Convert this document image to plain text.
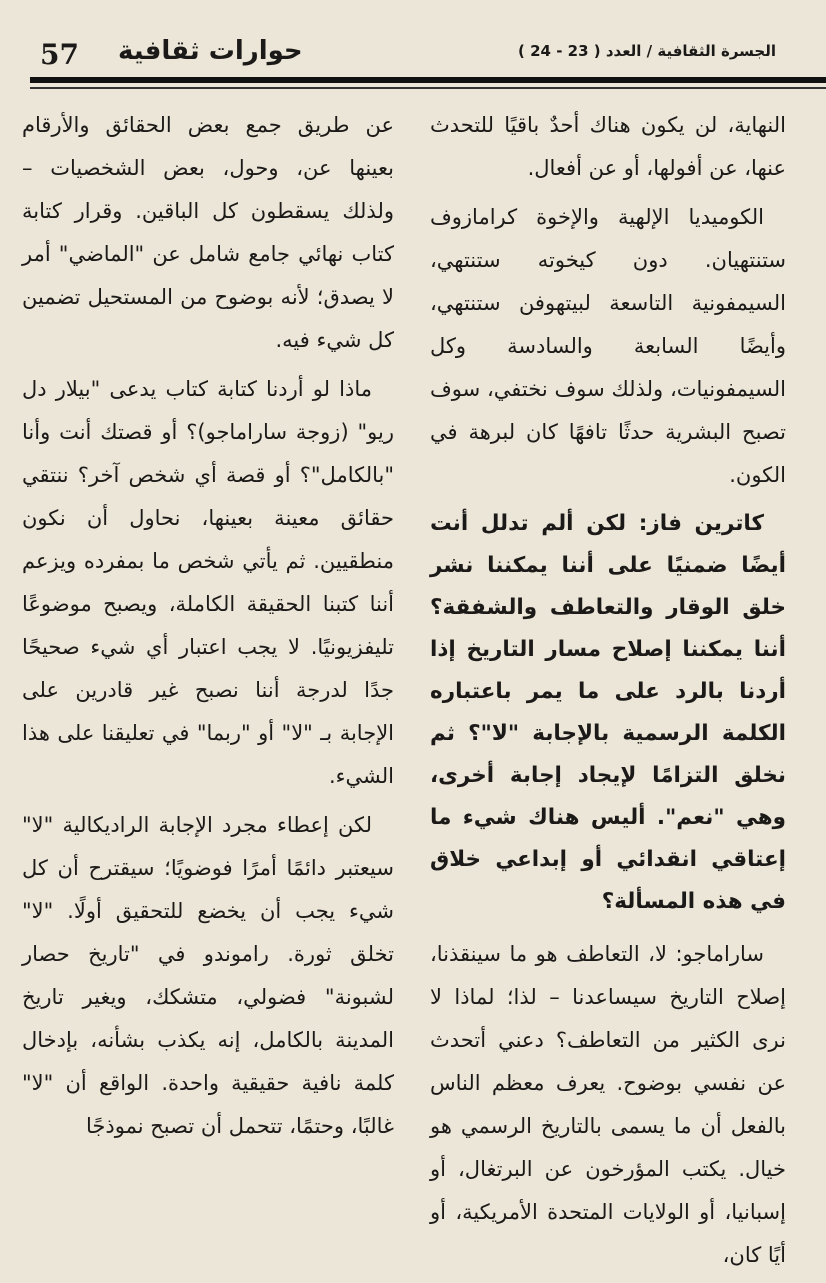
57 حوارات ثقافية	الجسرة الثقافية / العدد ( 23 - 24 )

النهاية، لن يكون هناك أحدٌ باقيًا للتحدث عنها، عن أفولها، أو عن أفعال.

الكوميديا الإلهية والإخوة كرامازوف ستنتهيان. دون كيخوته ستنتهي، السيمفونية التاسعة لبيتهوفن ستنتهي، وأيضًا السابعة والسادسة وكل السيمفونيات، ولذلك سوف نختفي، سوف تصبح البشرية حدثًا تافهًا كان لبرهة في الكون.

كاترين فاز: لكن ألم تدلل أنت أيضًا ضمنيًا على أننا يمكننا نشر خلق الوقار والتعاطف والشفقة؟ أننا يمكننا إصلاح مسار التاريخ إذا أردنا بالرد على ما يمر باعتباره الكلمة الرسمية بالإجابة "لا"؟ ثم نخلق التزامًا لإيجاد إجابة أخرى، وهي "نعم". أليس هناك شيء ما إعتاقي انقدائي أو إبداعي خلاق في هذه المسألة؟

ساراماجو: لا، التعاطف هو ما سينقذنا، إصلاح التاريخ سيساعدنا – لذا؛ لماذا لا نرى الكثير من التعاطف؟ دعني أتحدث عن نفسي بوضوح. يعرف معظم الناس بالفعل أن ما يسمى بالتاريخ الرسمي هو خيال. يكتب المؤرخون عن البرتغال، أو إسبانيا، أو الولايات المتحدة الأمريكية، أو أيًا كان،

عن طريق جمع بعض الحقائق والأرقام بعينها عن، وحول، بعض الشخصيات – ولذلك يسقطون كل الباقين. وقرار كتابة كتاب نهائي جامع شامل عن "الماضي" أمر لا يصدق؛ لأنه بوضوح من المستحيل تضمين كل شيء فيه.

ماذا لو أردنا كتابة كتاب يدعى "بيلار دل ريو" (زوجة ساراماجو)؟ أو قصتك أنت وأنا "بالكامل"؟ أو قصة أي شخص آخر؟ ننتقي حقائق معينة بعينها، نحاول أن نكون منطقيين. ثم يأتي شخص ما بمفرده ويزعم أننا كتبنا الحقيقة الكاملة، ويصبح موضوعًا تليفزيونيًا. لا يجب اعتبار أي شيء صحيحًا جدًا لدرجة أننا نصبح غير قادرين على الإجابة بـ "لا" أو "ربما" في تعليقنا على هذا الشيء.

لكن إعطاء مجرد الإجابة الراديكالية "لا" سيعتبر دائمًا أمرًا فوضويًا؛ سيقترح أن كل شيء يجب أن يخضع للتحقيق أولًا. "لا" تخلق ثورة. راموندو في "تاريخ حصار لشبونة" فضولي، متشكك، ويغير تاريخ المدينة بالكامل، إنه يكذب بشأنه، بإدخال كلمة نافية حقيقية واحدة. الواقع أن "لا" غالبًا، وحتمًا، تتحمل أن تصبح نموذجًا
